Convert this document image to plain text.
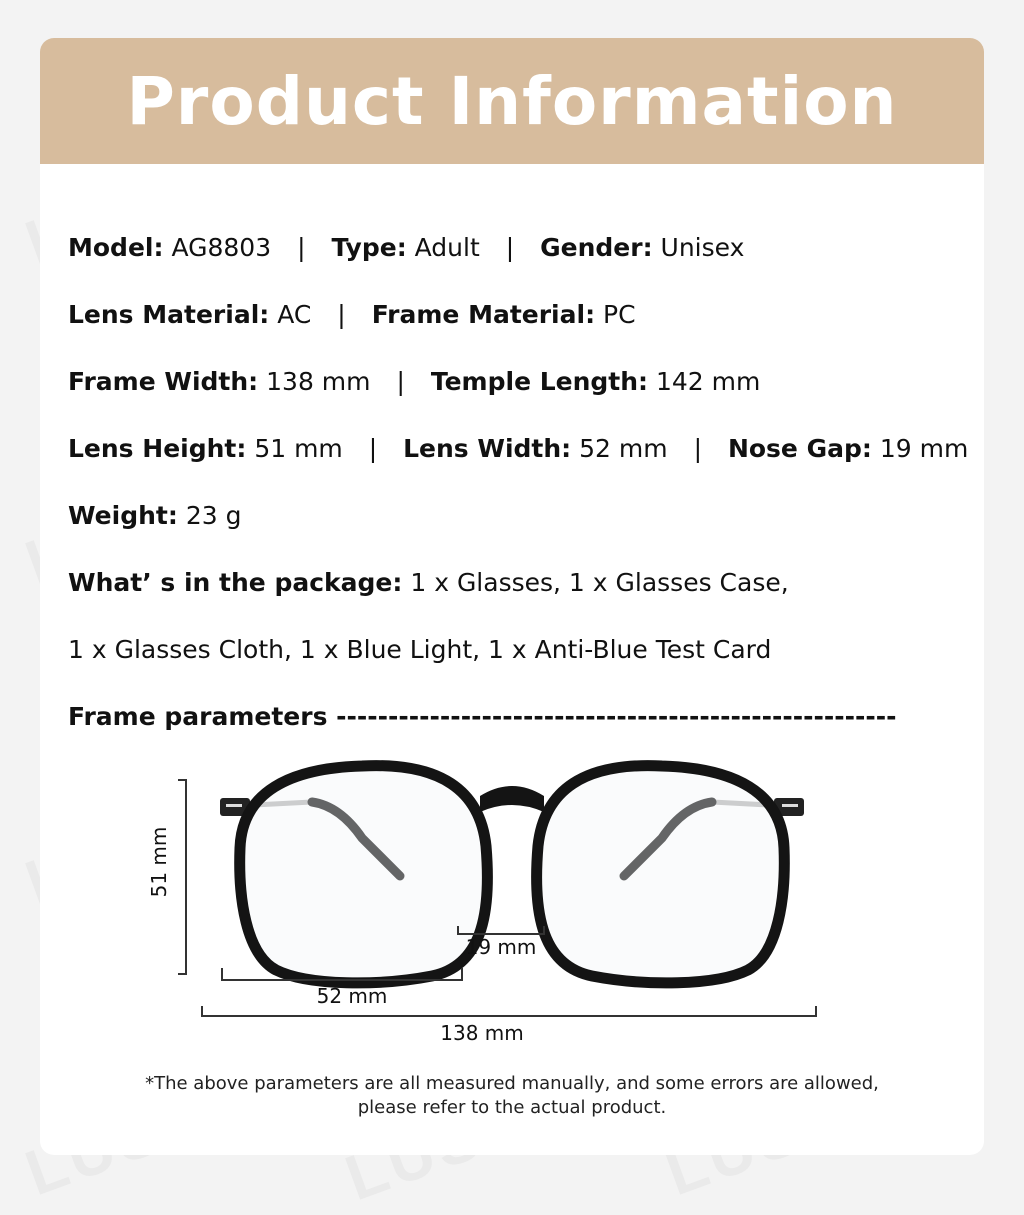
Product Information
Model: AG8803 | Type: Adult | Gender: Unisex
Lens Material: AC | Frame Material: PC
Frame Width: 138 mm | Temple Length: 142 mm
Lens Height: 51 mm | Lens Width: 52 mm | Nose Gap: 19 mm
Weight: 23 g
What’ s in the package: 1 x Glasses, 1 x Glasses Case,
1 x Glasses Cloth, 1 x Blue Light, 1 x Anti-Blue Test Card
Frame parameters ------------------------------------------------------
51 mm
19 mm
52 mm
138 mm
*The above parameters are all measured manually, and some errors are allowed,
please refer to the actual product.
